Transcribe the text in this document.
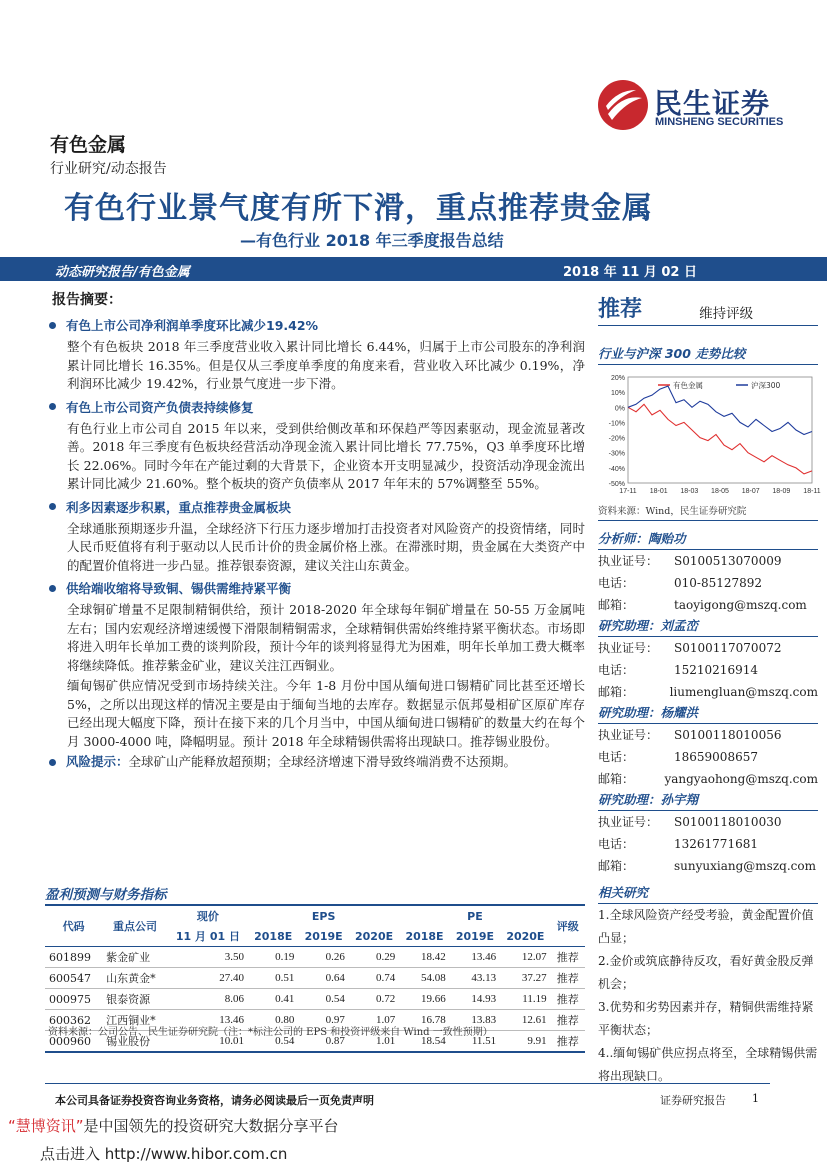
民生证券
MINSHENG SECURITIES
有色金属
行业研究/动态报告
有色行业景气度有所下滑，重点推荐贵金属
—有色行业 2018 年三季度报告总结
动态研究报告/有色金属	2018 年 11 月 02 日
报告摘要：
有色上市公司净利润单季度环比减少19.42%

整个有色板块 2018 年三季度营业收入累计同比增长 6.44%，归属于上市公司股东的净利润累计同比增长 16.35%。但是仅从三季度单季度的角度来看，营业收入环比减少 0.19%，净利润环比减少 19.42%，行业景气度进一步下滑。

有色上市公司资产负债表持续修复

有色行业上市公司自 2015 年以来，受到供给侧改革和环保趋严等因素驱动，现金流显著改善。2018 年三季度有色板块经营活动净现金流入累计同比增长 77.75%，Q3 单季度环比增长 22.06%。同时今年在产能过剩的大背景下，企业资本开支明显减少，投资活动净现金流出累计同比减少 21.60%。整个板块的资产负债率从 2017 年年末的 57%调整至 55%。

利多因素逐步积累，重点推荐贵金属板块

全球通胀预期逐步升温，全球经济下行压力逐步增加打击投资者对风险资产的投资情绪，同时人民币贬值将有利于驱动以人民币计价的贵金属价格上涨。在滞涨时期，贵金属在大类资产中的配置价值将进一步凸显。推荐银泰资源，建议关注山东黄金。

供给端收缩将导致铜、锡供需维持紧平衡

全球铜矿增量不足限制精铜供给，预计 2018-2020 年全球每年铜矿增量在 50-55 万金属吨左右；国内宏观经济增速缓慢下滑限制精铜需求，全球精铜供需始终维持紧平衡状态。市场即将进入明年长单加工费的谈判阶段，预计今年的谈判将显得尤为困难，明年长单加工费大概率将继续降低。推荐紫金矿业，建议关注江西铜业。

缅甸锡矿供应情况受到市场持续关注。今年 1-8 月份中国从缅甸进口锡精矿同比甚至还增长 5%，之所以出现这样的情况主要是由于缅甸当地的去库存。数据显示佤邦曼相矿区原矿库存已经出现大幅度下降，预计在接下来的几个月当中，中国从缅甸进口锡精矿的数量大约在每个月 3000-4000 吨，降幅明显。预计 2018 年全球精锡供需将出现缺口。推荐锡业股份。

风险提示： 全球矿山产能释放超预期；全球经济增速下滑导致终端消费不达预期。
推荐	维持评级
行业与沪深 300 走势比较
20%
10%
0%
-10%
-20%
-30%
-40%
-50%
17-11 18-01 18-03 18-05 18-07 18-09 18-11
有色金属	沪深300
资料来源：Wind，民生证券研究院
分析师：陶贻功
执业证号：	S0100513070009
电话：	010-85127892
邮箱：	taoyigong@mszq.com
研究助理：刘孟峦
执业证号：	S0100117070072
电话：	15210216914
邮箱：	liumengluan@mszq.com
研究助理：杨耀洪
执业证号：	S0100118010056
电话：	18659008657
邮箱：	yangyaohong@mszq.com
研究助理：孙宇翔
执业证号：	S0100118010030
电话：	13261771681
邮箱：	sunyuxiang@mszq.com
相关研究
1.全球风险资产经受考验，黄金配置价值凸显；
2.金价或筑底静待反攻，看好黄金股反弹机会；
3.优势和劣势因素并存，精铜供需维持紧平衡状态；
4..缅甸锡矿供应拐点将至，全球精锡供需将出现缺口。
盈利预测与财务指标
代码	重点公司	现价	EPS			PE			评级
		11 月 01 日	2018E	2019E	2020E	2018E	2019E	2020E	
601899	紫金矿业	3.50	0.19	0.26	0.29	18.42	13.46	12.07	推荐
600547	山东黄金*	27.40	0.51	0.64	0.74	54.08	43.13	37.27	推荐
000975	银泰资源	8.06	0.41	0.54	0.72	19.66	14.93	11.19	推荐
600362	江西铜业*	13.46	0.80	0.97	1.07	16.78	13.83	12.61	推荐
000960	锡业股份	10.01	0.54	0.87	1.01	18.54	11.51	9.91	推荐
资料来源：公司公告、民生证券研究院（注：*标注公司的 EPS 和投资评级来自 Wind 一致性预期）
本公司具备证券投资咨询业务资格，请务必阅读最后一页免责声明	证券研究报告 1
“慧博资讯”是中国领先的投资研究大数据分享平台
点击进入 http://www.hibor.com.cn
